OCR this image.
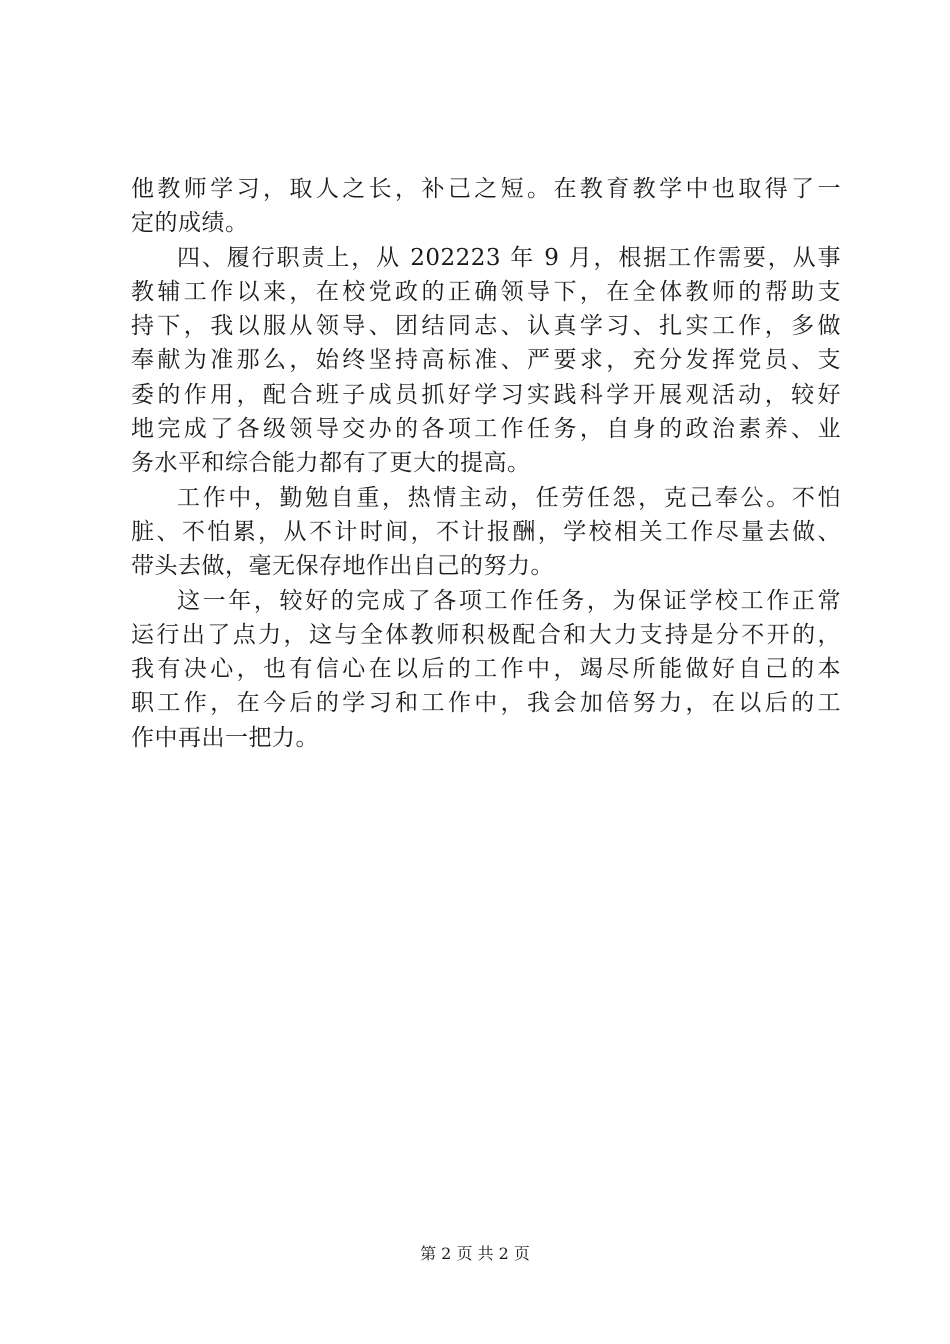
他教师学习，取人之长，补己之短。在教育教学中也取得了一
定的成绩。
四、履行职责上，从 202223 年 9 月，根据工作需要，从事
教辅工作以来，在校党政的正确领导下，在全体教师的帮助支
持下，我以服从领导、团结同志、认真学习、扎实工作，多做
奉献为准那么，始终坚持高标准、严要求，充分发挥党员、支
委的作用，配合班子成员抓好学习实践科学开展观活动，较好
地完成了各级领导交办的各项工作任务，自身的政治素养、业
务水平和综合能力都有了更大的提高。
工作中，勤勉自重，热情主动，任劳任怨，克己奉公。不怕
脏、不怕累，从不计时间，不计报酬，学校相关工作尽量去做、
带头去做，毫无保存地作出自己的努力。
这一年，较好的完成了各项工作任务，为保证学校工作正常
运行出了点力，这与全体教师积极配合和大力支持是分不开的，
我有决心，也有信心在以后的工作中，竭尽所能做好自己的本
职工作，在今后的学习和工作中，我会加倍努力，在以后的工
作中再出一把力。
第 2 页 共 2 页
